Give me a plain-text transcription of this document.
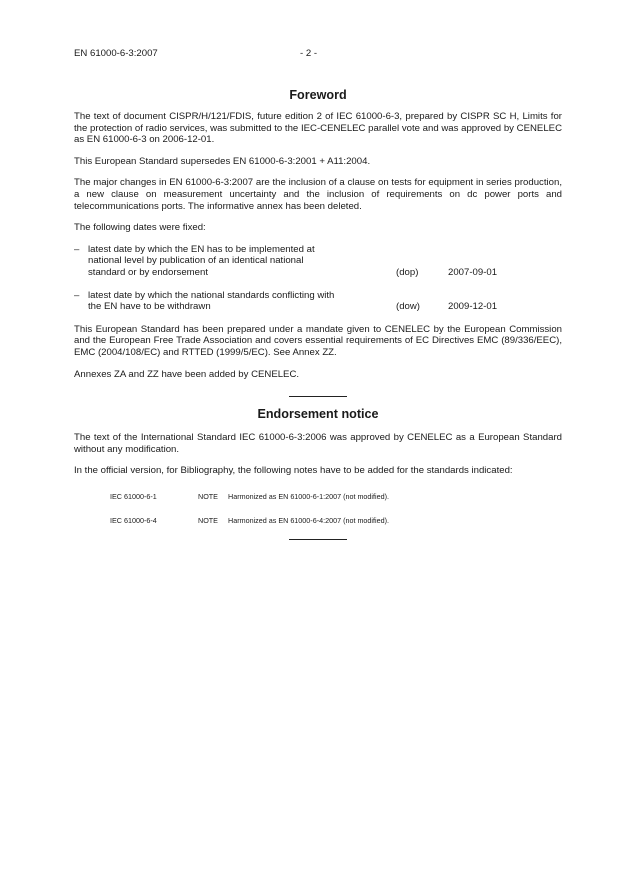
EN 61000-6-3:2007	- 2 -
Foreword

The text of document CISPR/H/121/FDIS, future edition 2 of IEC 61000-6-3, prepared by CISPR SC H, Limits for the protection of radio services, was submitted to the IEC-CENELEC parallel vote and was approved by CENELEC as EN 61000-6-3 on 2006-12-01.

This European Standard supersedes EN 61000-6-3:2001 + A11:2004.

The major changes in EN 61000-6-3:2007 are the inclusion of a clause on tests for equipment in series production, a new clause on measurement uncertainty and the inclusion of requirements on dc power ports and telecommunications ports. The informative annex has been deleted.

The following dates were fixed:

– latest date by which the EN has to be implemented at national level by publication of an identical national standard or by endorsement	(dop)	2007-09-01
– latest date by which the national standards conflicting with the EN have to be withdrawn	(dow)	2009-12-01

This European Standard has been prepared under a mandate given to CENELEC by the European Commission and the European Free Trade Association and covers essential requirements of EC Directives EMC (89/336/EEC), EMC (2004/108/EC) and RTTED (1999/5/EC). See Annex ZZ.

Annexes ZA and ZZ have been added by CENELEC.

Endorsement notice

The text of the International Standard IEC 61000-6-3:2006 was approved by CENELEC as a European Standard without any modification.

In the official version, for Bibliography, the following notes have to be added for the standards indicated:

IEC 61000-6-1	NOTE Harmonized as EN 61000-6-1:2007 (not modified).
IEC 61000-6-4	NOTE Harmonized as EN 61000-6-4:2007 (not modified).
